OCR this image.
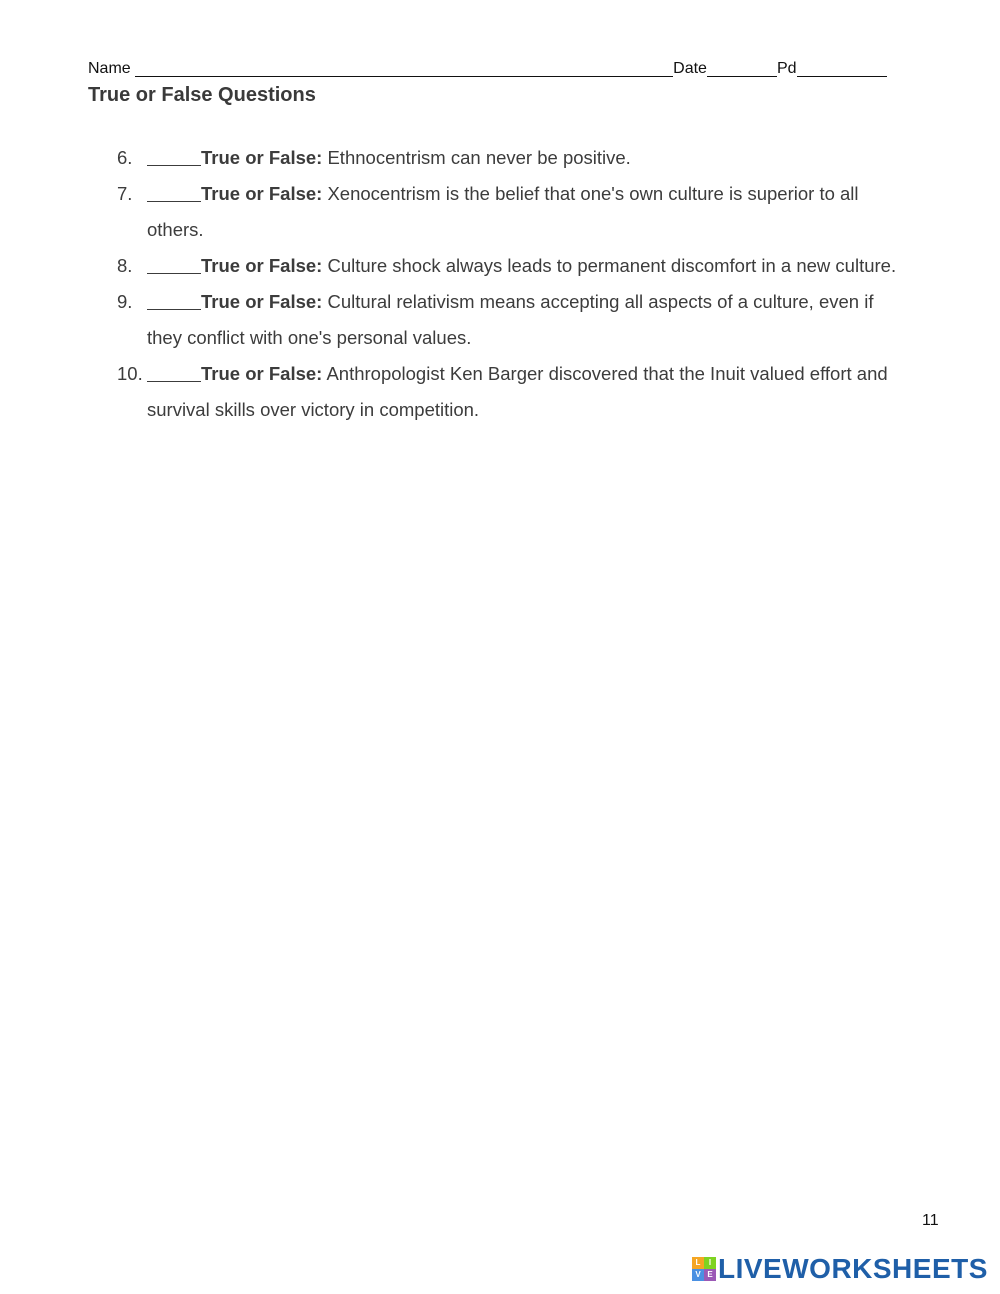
Name	Date	Pd
True or False Questions
6.	True or False: Ethnocentrism can never be positive.
7.	True or False: Xenocentrism is the belief that one's own culture is superior to all
others.
8.	True or False: Culture shock always leads to permanent discomfort in a new culture.
9.	True or False: Cultural relativism means accepting all aspects of a culture, even if
they conflict with one's personal values.
10.	True or False: Anthropologist Ken Barger discovered that the Inuit valued effort and
survival skills over victory in competition.
11
L	I
V E LIVEWORKSHEETS
